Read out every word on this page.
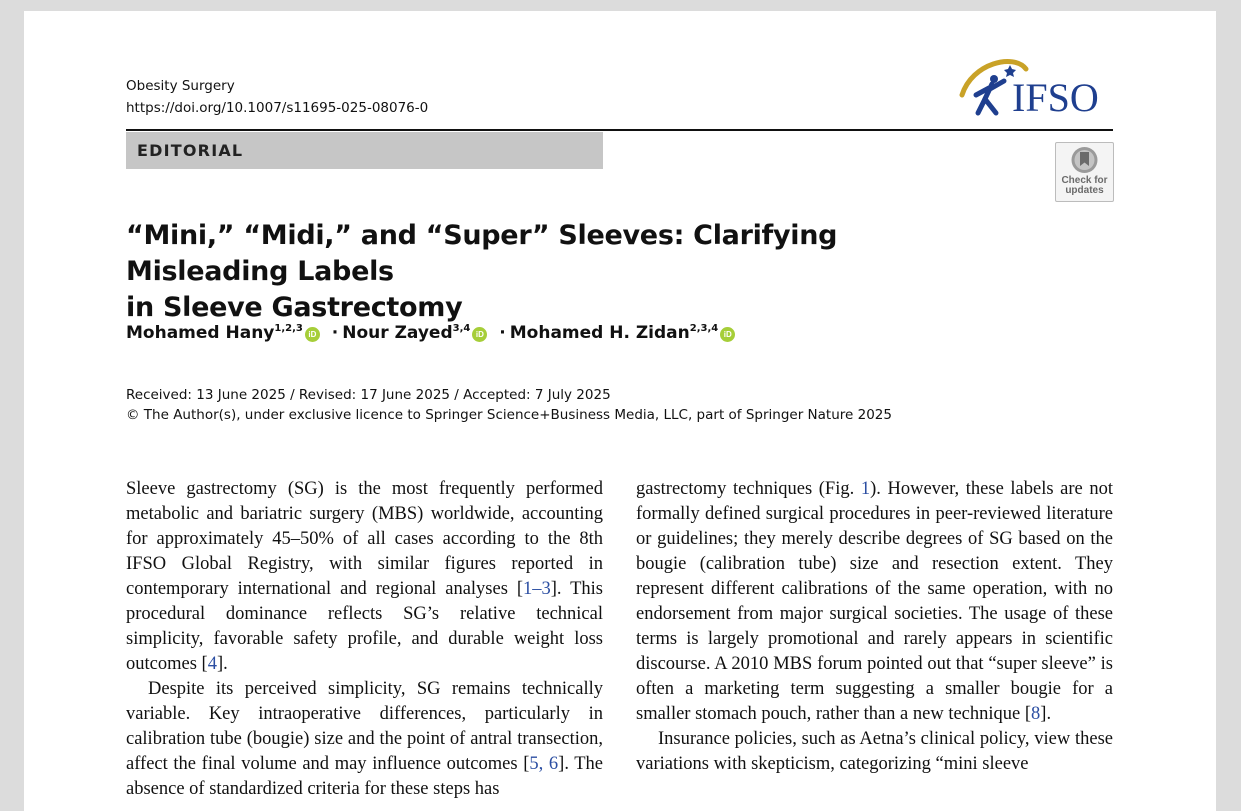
Obesity Surgery
https://doi.org/10.1007/s11695-025-08076-0	IFSO
EDITORIAL
Check for
updates
“Mini,” “Midi,” and “Super” Sleeves: Clarifying Misleading Labels
in Sleeve Gastrectomy
Mohamed Hany$^{1,2,3}$iD · Nour Zayed$^{3,4}$iD · Mohamed H. Zidan$^{2,3,4}$iD
Received: 13 June 2025 / Revised: 17 June 2025 / Accepted: 7 July 2025
© The Author(s), under exclusive licence to Springer Science+Business Media, LLC, part of Springer Nature 2025

Sleeve gastrectomy (SG) is the most frequently performed metabolic and bariatric surgery (MBS) worldwide, accounting for approximately 45–50% of all cases according to the 8th IFSO Global Registry, with similar figures reported in contemporary international and regional analyses [1–3]. This procedural dominance reflects SG’s relative technical simplicity, favorable safety profile, and durable weight loss outcomes [4].

Despite its perceived simplicity, SG remains technically variable. Key intraoperative differences, particularly in calibration tube (bougie) size and the point of antral transection, affect the final volume and may influence outcomes [5, 6]. The absence of standardized criteria for these steps has

gastrectomy techniques (Fig. 1). However, these labels are not formally defined surgical procedures in peer-reviewed literature or guidelines; they merely describe degrees of SG based on the bougie (calibration tube) size and resection extent. They represent different calibrations of the same operation, with no endorsement from major surgical societies. The usage of these terms is largely promotional and rarely appears in scientific discourse. A 2010 MBS forum pointed out that “super sleeve” is often a marketing term suggesting a smaller bougie for a smaller stomach pouch, rather than a new technique [8].

Insurance policies, such as Aetna’s clinical policy, view these variations with skepticism, categorizing “mini sleeve
